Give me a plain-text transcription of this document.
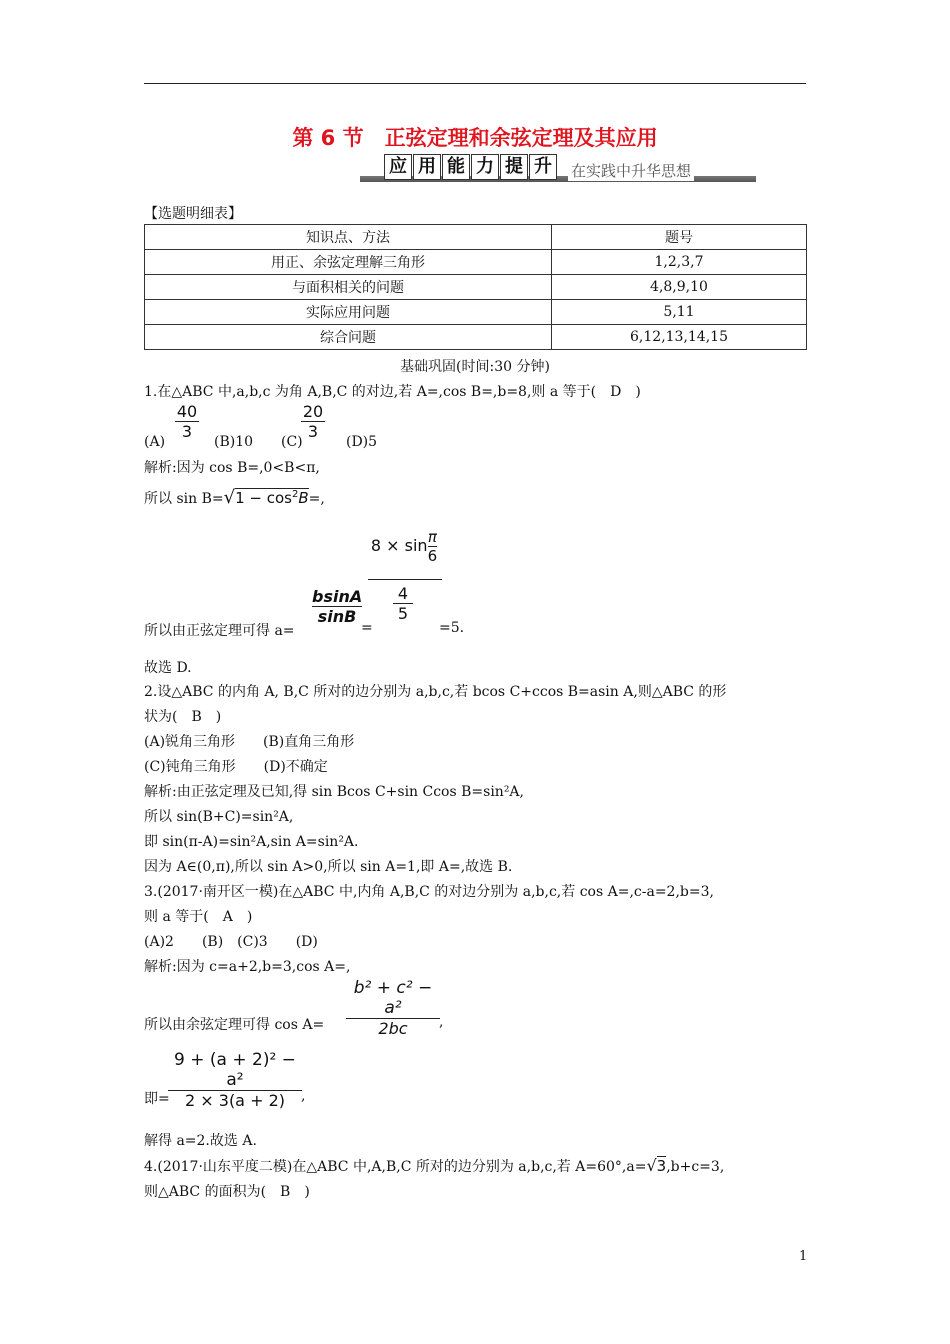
第 6 节　正弦定理和余弦定理及其应用
应 用 能 力 提 升	在实践中升华思想
【选题明细表】
知识点、方法	题号
用正、余弦定理解三角形	1,2,3,7
与面积相关的问题	4,8,9,10
实际应用问题	5,11
综合问题	6,12,13,14,15
基础巩固(时间:30 分钟)
1.在△ABC 中,a,b,c 为角 A,B,C 的对边,若 A=,cos B=,b=8,则 a 等于(　D　)
(A)
40
3
(B)10 (C)
20
3
(D)5
解析:因为 cos B=,0<B<π,
所以 $\sin B=√1 - \cos^2B=$,
$8 \times \sin \frac{\pi}{6}$
4
5
所以由正弦定理可得 a=
bsinA
sinB
=	=5.
故选 D.
2.设△ABC 的内角 A, B,C 所对的边分别为 a,b,c,若 bcos C+ccos B=asin A,则△ABC 的形
状为(　B　)
(A)锐角三角形　　(B)直角三角形
(C)钝角三角形　　(D)不确定
解析:由正弦定理及已知,得 sin Bcos C+sin Ccos B=sin²A,
所以 sin(B+C)=sin²A,
即 sin(π-A)=sin²A,sin A=sin²A.
因为 A∈(0,π),所以 sin A>0,所以 sin A=1,即 A=,故选 B.
3.(2017·南开区一模)在△ABC 中,内角 A,B,C 的对边分别为 a,b,c,若 cos A=,c-a=2,b=3,
则 a 等于(　A　)
(A)2　　(B)　(C)3　　(D)
解析:因为 c=a+2,b=3,cos A=,
所以由余弦定理可得 cos A=
b² + c² − a²
2bc	,
即=
9 + (a + 2)² − a²
2 × 3(a + 2)	,
解得 a=2.故选 A.
4.(2017·山东平度二模)在△ABC 中,A,B,C 所对的边分别为 a,b,c,若 A=60°,a=√3,b+c=3,
则△ABC 的面积为(　B　)
1
